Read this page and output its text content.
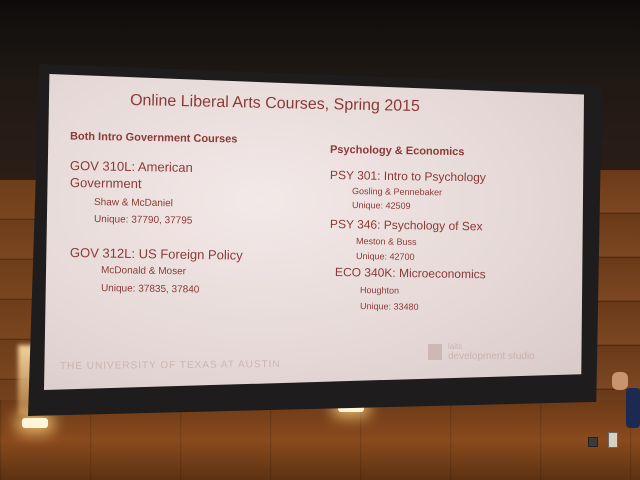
Online Liberal Arts Courses, Spring 2015
Both Intro Government Courses
Psychology & Economics
GOV 310L: American
Government
Shaw & McDaniel
Unique: 37790, 37795
GOV 312L: US Foreign Policy
McDonald & Moser
Unique: 37835, 37840
PSY 301: Intro to Psychology
Gosling & Pennebaker
Unique: 42509
PSY 346: Psychology of Sex
Meston & Buss
Unique: 42700
ECO 340K: Microeconomics
Houghton
Unique: 33480
THE UNIVERSITY OF TEXAS AT AUSTIN
laits
development studio
